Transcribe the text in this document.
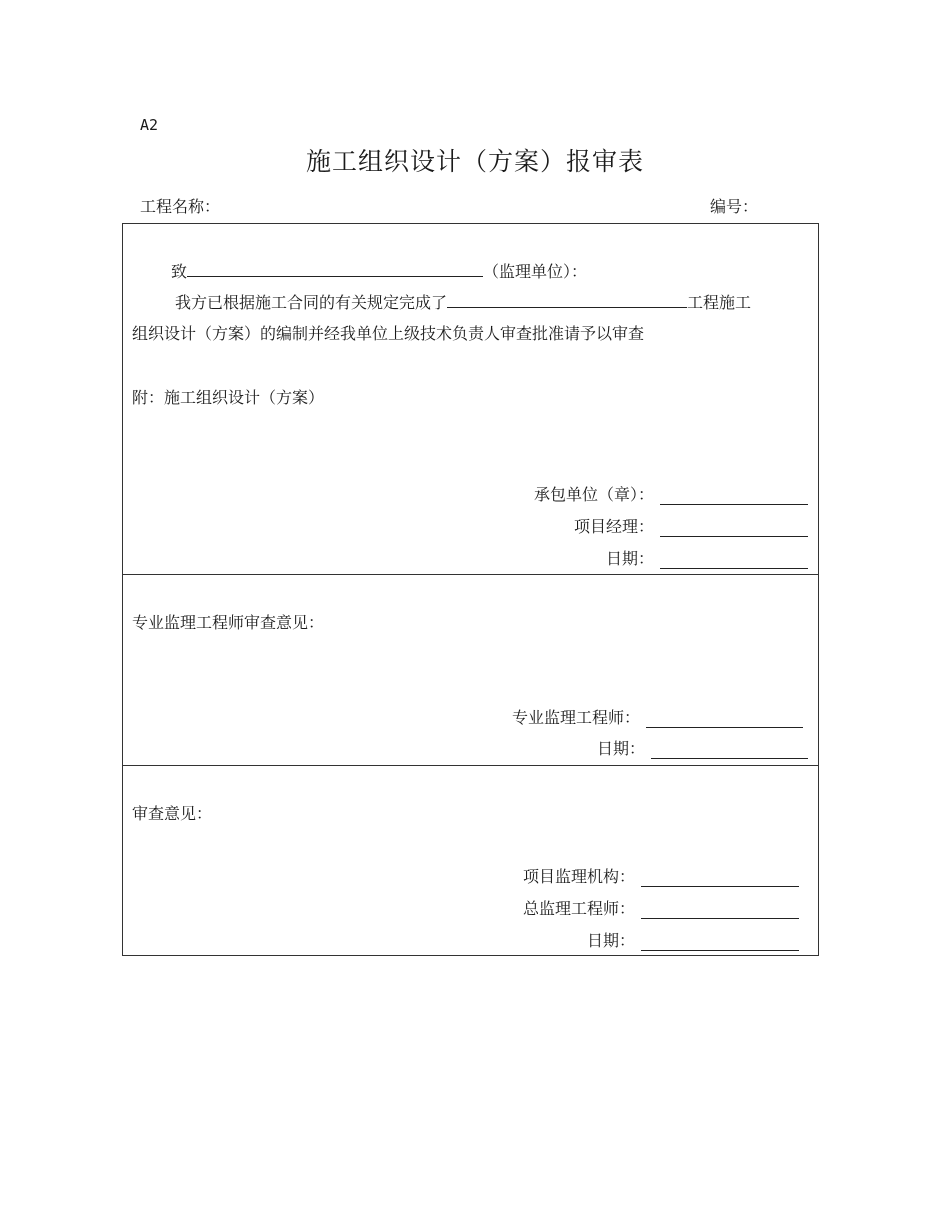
A2
施工组织设计（方案）报审表
工程名称：	编号：
致	（监理单位）：
我方已根据施工合同的有关规定完成了	工程施工
组织设计（方案）的编制并经我单位上级技术负责人审查批准请予以审查
附：施工组织设计（方案）
承包单位（章）：
项目经理：
日期：
专业监理工程师审查意见：
专业监理工程师：
日期：
审查意见：
项目监理机构：
总监理工程师：
日期：
